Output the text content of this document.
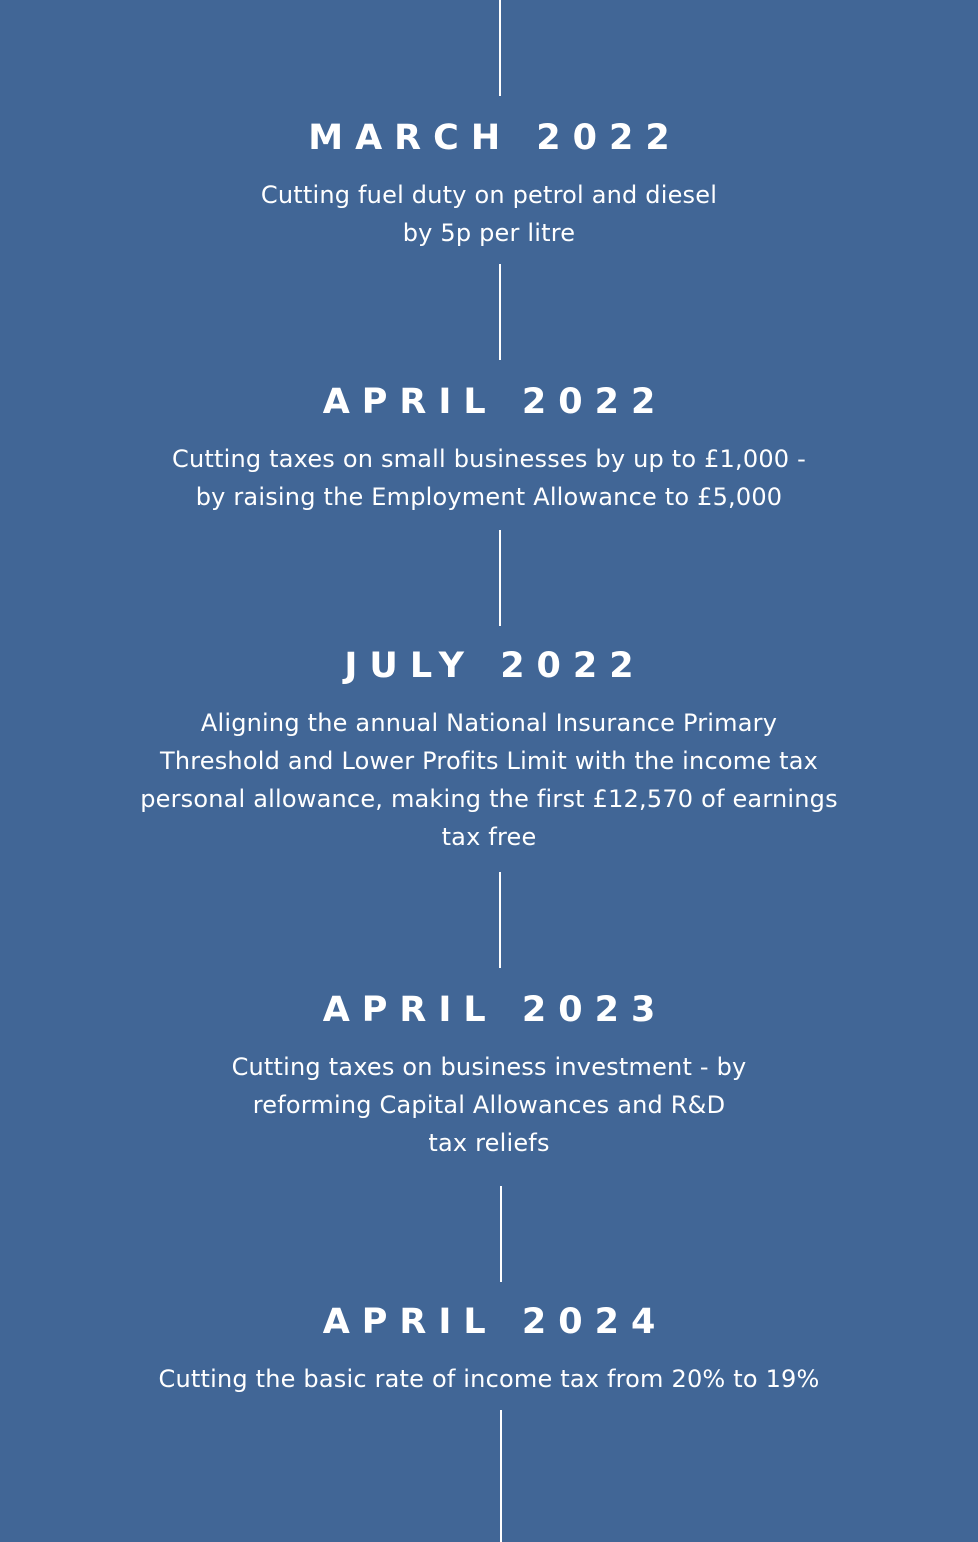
MARCH 2022

Cutting fuel duty on petrol and diesel
by 5p per litre

APRIL 2022

Cutting taxes on small businesses by up to £1,000 -
by raising the Employment Allowance to £5,000

JULY 2022

Aligning the annual National Insurance Primary
Threshold and Lower Profits Limit with the income tax
personal allowance, making the first £12,570 of earnings
tax free

APRIL 2023

Cutting taxes on business investment - by
reforming Capital Allowances and R&D
tax reliefs

APRIL 2024

Cutting the basic rate of income tax from 20% to 19%
